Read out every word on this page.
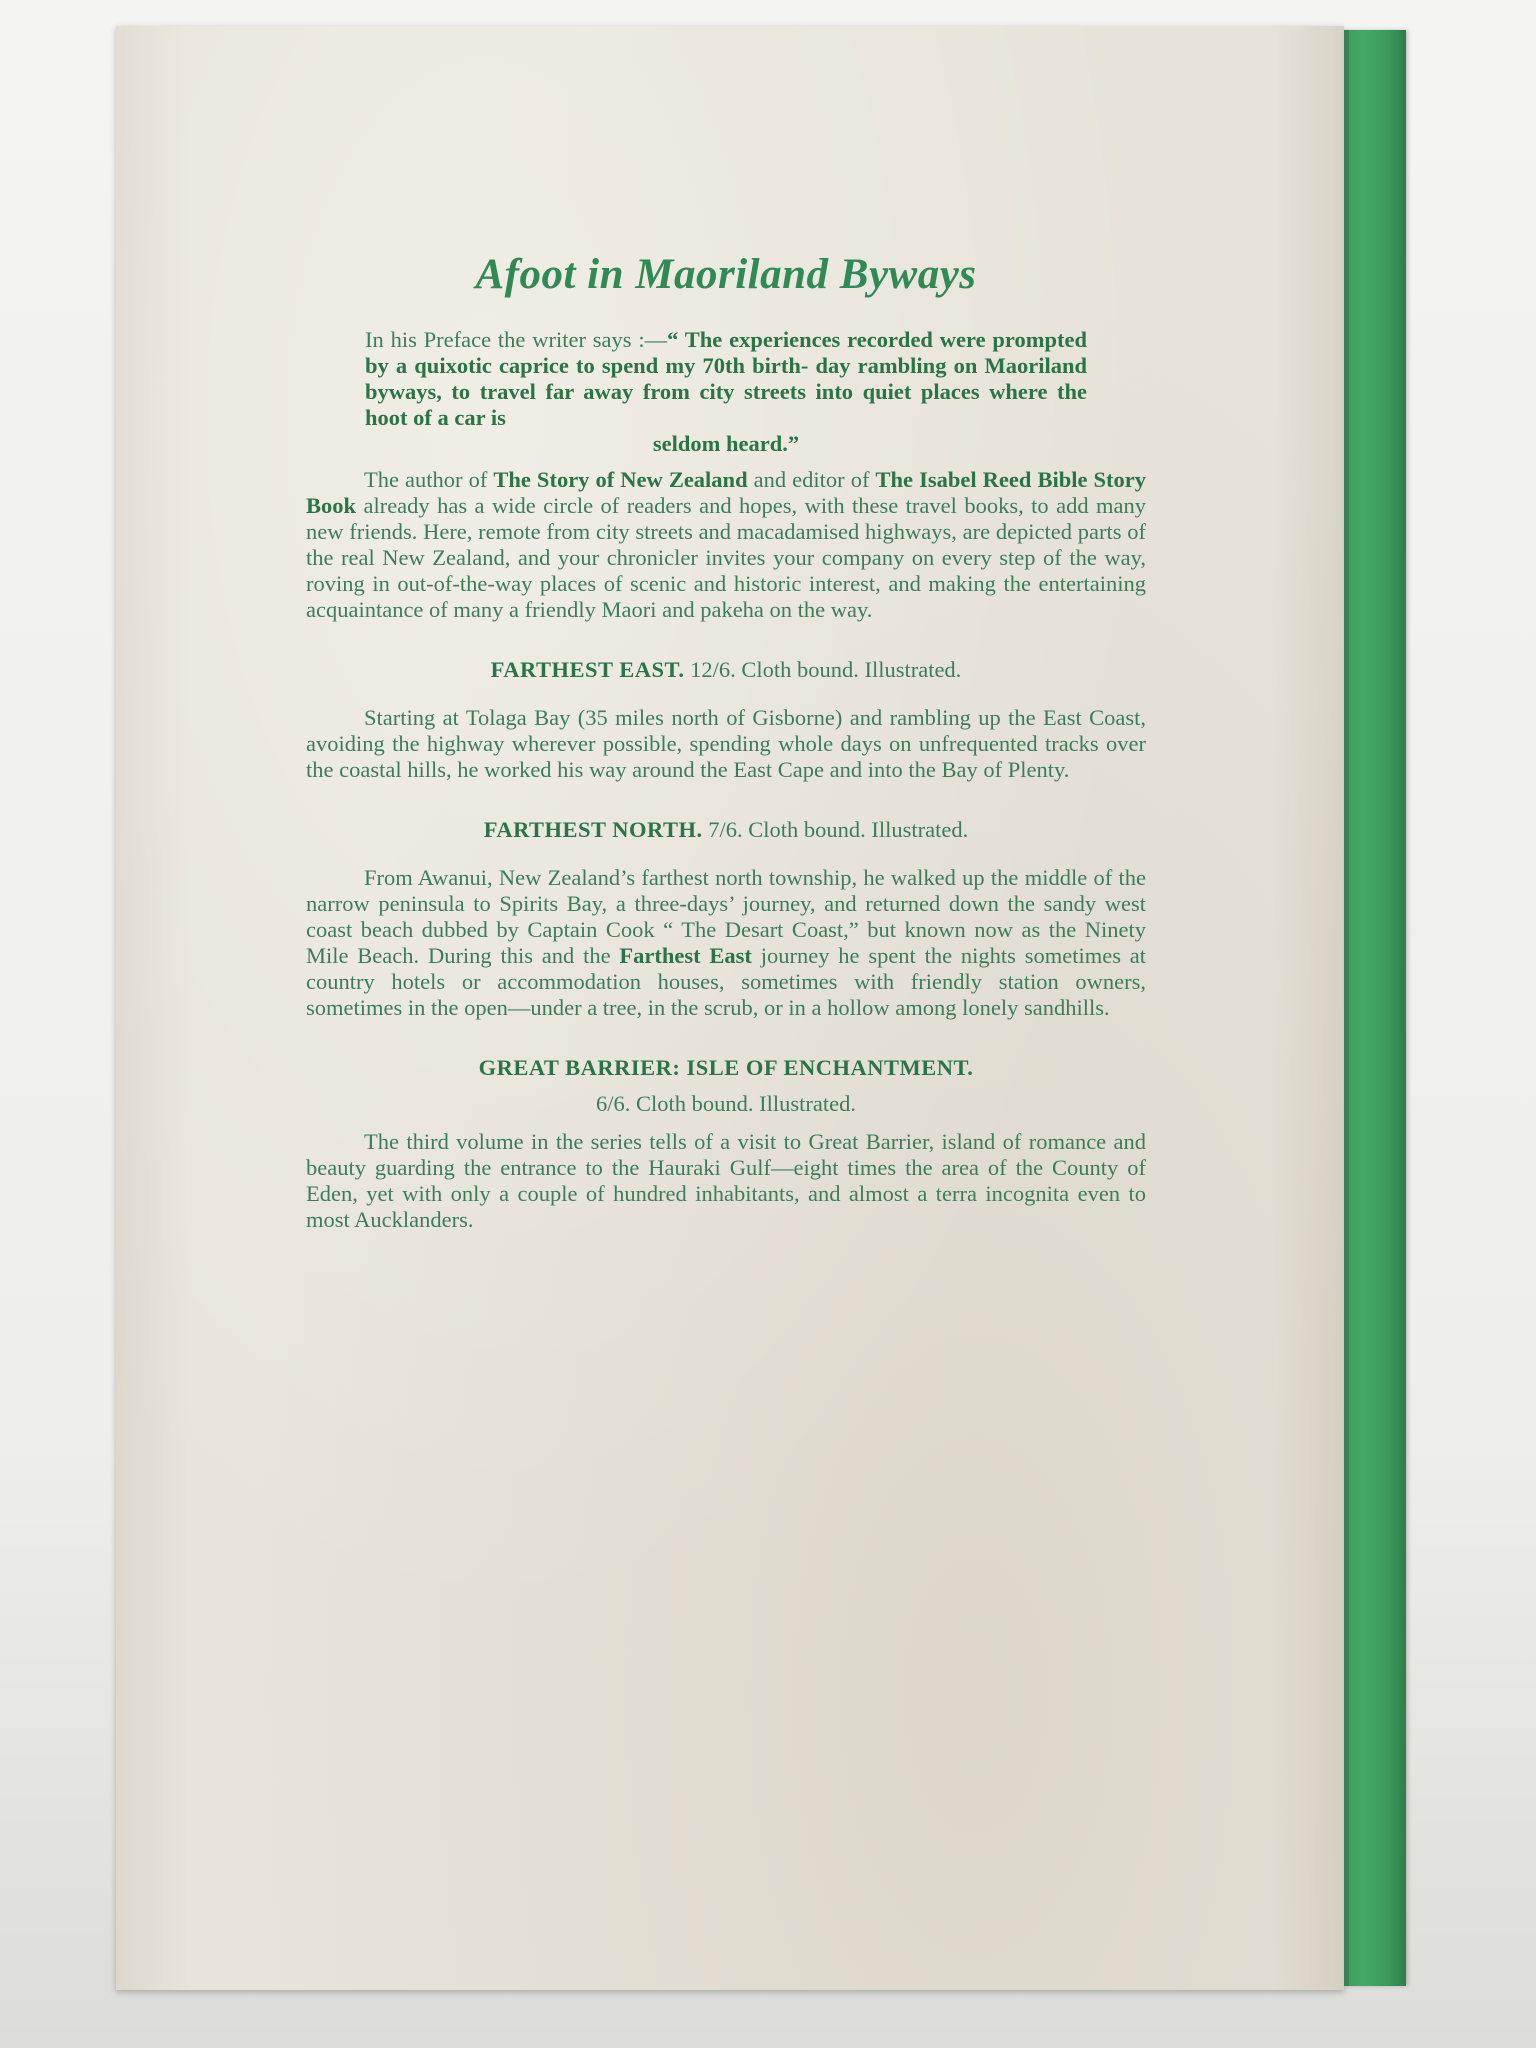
Afoot in Maoriland Byways
In his Preface the writer says :—“ The experiences recorded were prompted by a quixotic caprice to spend my 70th birth- day rambling on Maoriland byways, to travel far away from city streets into quiet places where the hoot of a car is
seldom heard.”

The author of The Story of New Zealand and editor of The Isabel Reed Bible Story Book already has a wide circle of readers and hopes, with these travel books, to add many new friends. Here, remote from city streets and macadamised highways, are depicted parts of the real New Zealand, and your chronicler invites your company on every step of the way, roving in out-of-the-way places of scenic and historic interest, and making the entertaining acquaintance of many a friendly Maori and pakeha on the way.

FARTHEST EAST. 12/6. Cloth bound. Illustrated.

Starting at Tolaga Bay (35 miles north of Gisborne) and rambling up the East Coast, avoiding the highway wherever possible, spending whole days on unfrequented tracks over the coastal hills, he worked his way around the East Cape and into the Bay of Plenty.

FARTHEST NORTH. 7/6. Cloth bound. Illustrated.

From Awanui, New Zealand’s farthest north township, he walked up the middle of the narrow peninsula to Spirits Bay, a three-days’ journey, and returned down the sandy west coast beach dubbed by Captain Cook “ The Desart Coast,” but known now as the Ninety Mile Beach. During this and the Farthest East journey he spent the nights sometimes at country hotels or accommodation houses, sometimes with friendly station owners, sometimes in the open—under a tree, in the scrub, or in a hollow among lonely sandhills.

GREAT BARRIER: ISLE OF ENCHANTMENT.
6/6. Cloth bound. Illustrated.

The third volume in the series tells of a visit to Great Barrier, island of romance and beauty guarding the entrance to the Hauraki Gulf—eight times the area of the County of Eden, yet with only a couple of hundred inhabitants, and almost a terra incognita even to most Aucklanders.
